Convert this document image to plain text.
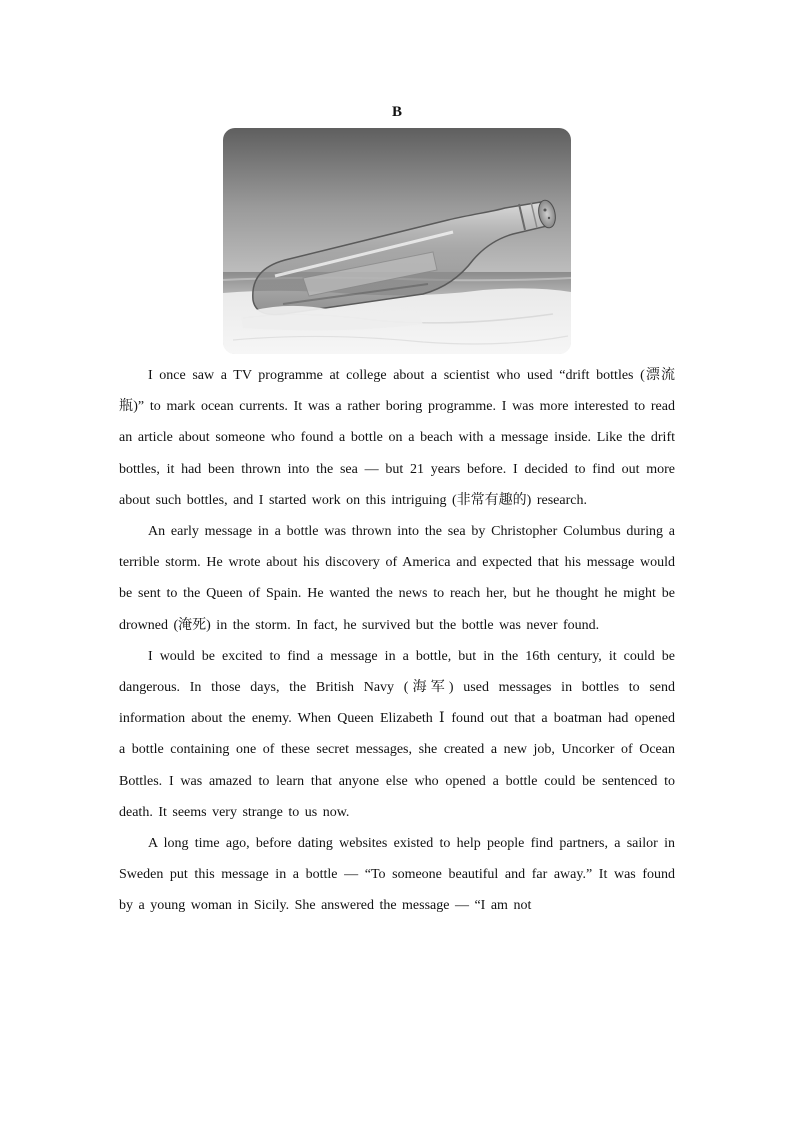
B

I once saw a TV programme at college about a scientist who used “drift bottles (漂流瓶)” to mark ocean currents. It was a rather boring programme. I was more interested to read an article about someone who found a bottle on a beach with a message inside. Like the drift bottles, it had been thrown into the sea — but 21 years before. I decided to find out more about such bottles, and I started work on this intriguing (非常有趣的) research.

An early message in a bottle was thrown into the sea by Christopher Columbus during a terrible storm. He wrote about his discovery of America and expected that his message would be sent to the Queen of Spain. He wanted the news to reach her, but he thought he might be drowned (淹死) in the storm. In fact, he survived but the bottle was never found.

I would be excited to find a message in a bottle, but in the 16th century, it could be dangerous. In those days, the British Navy (海军) used messages in bottles to send information about the enemy. When Queen Elizabeth Ⅰ found out that a boatman had opened a bottle containing one of these secret messages, she created a new job, Uncorker of Ocean Bottles. I was amazed to learn that anyone else who opened a bottle could be sentenced to death. It seems very strange to us now.

A long time ago, before dating websites existed to help people find partners, a sailor in Sweden put this message in a bottle — “To someone beautiful and far away.” It was found by a young woman in Sicily. She answered the message — “I am not
